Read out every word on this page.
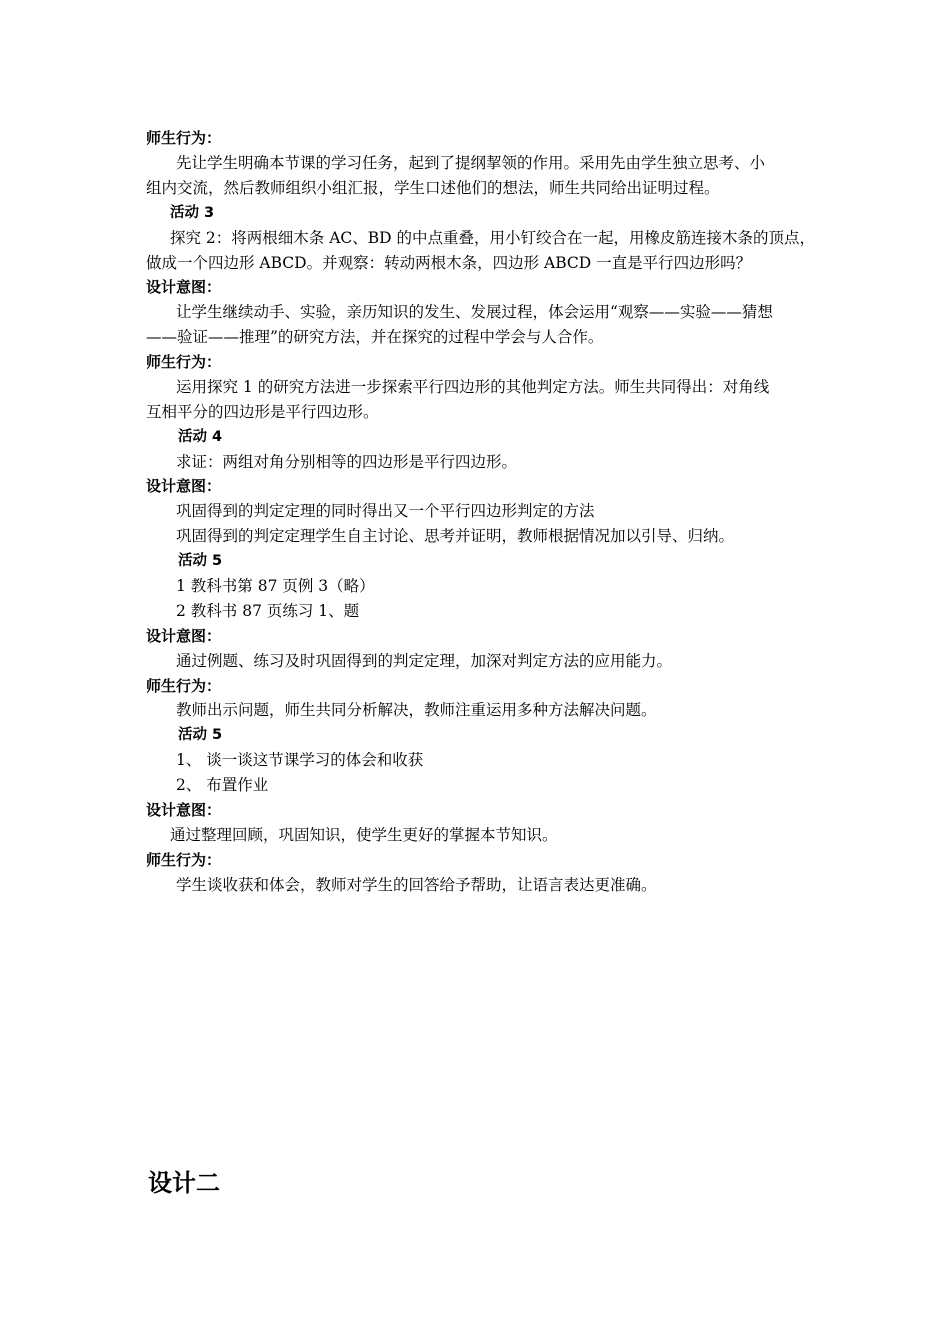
师生行为：
先让学生明确本节课的学习任务，起到了提纲挈领的作用。采用先由学生独立思考、小
组内交流，然后教师组织小组汇报，学生口述他们的想法，师生共同给出证明过程。
活动 3
探究 2：将两根细木条 AC、BD 的中点重叠，用小钉绞合在一起，用橡皮筋连接木条的顶点，
做成一个四边形 ABCD。并观察：转动两根木条，四边形 ABCD 一直是平行四边形吗？
设计意图：
让学生继续动手、实验，亲历知识的发生、发展过程，体会运用“观察——实验——猜想
——验证——推理”的研究方法，并在探究的过程中学会与人合作。
师生行为：
运用探究 1 的研究方法进一步探索平行四边形的其他判定方法。师生共同得出：对角线
互相平分的四边形是平行四边形。
活动 4
求证：两组对角分别相等的四边形是平行四边形。
设计意图：
巩固得到的判定定理的同时得出又一个平行四边形判定的方法
巩固得到的判定定理学生自主讨论、思考并证明，教师根据情况加以引导、归纳。
活动 5
1 教科书第 87 页例 3（略）
2 教科书 87 页练习 1、题
设计意图：
通过例题、练习及时巩固得到的判定定理，加深对判定方法的应用能力。
师生行为：
教师出示问题，师生共同分析解决，教师注重运用多种方法解决问题。
活动 5
1、 谈一谈这节课学习的体会和收获
2、 布置作业
设计意图：
通过整理回顾，巩固知识，使学生更好的掌握本节知识。
师生行为：
学生谈收获和体会，教师对学生的回答给予帮助，让语言表达更准确。
设计二
